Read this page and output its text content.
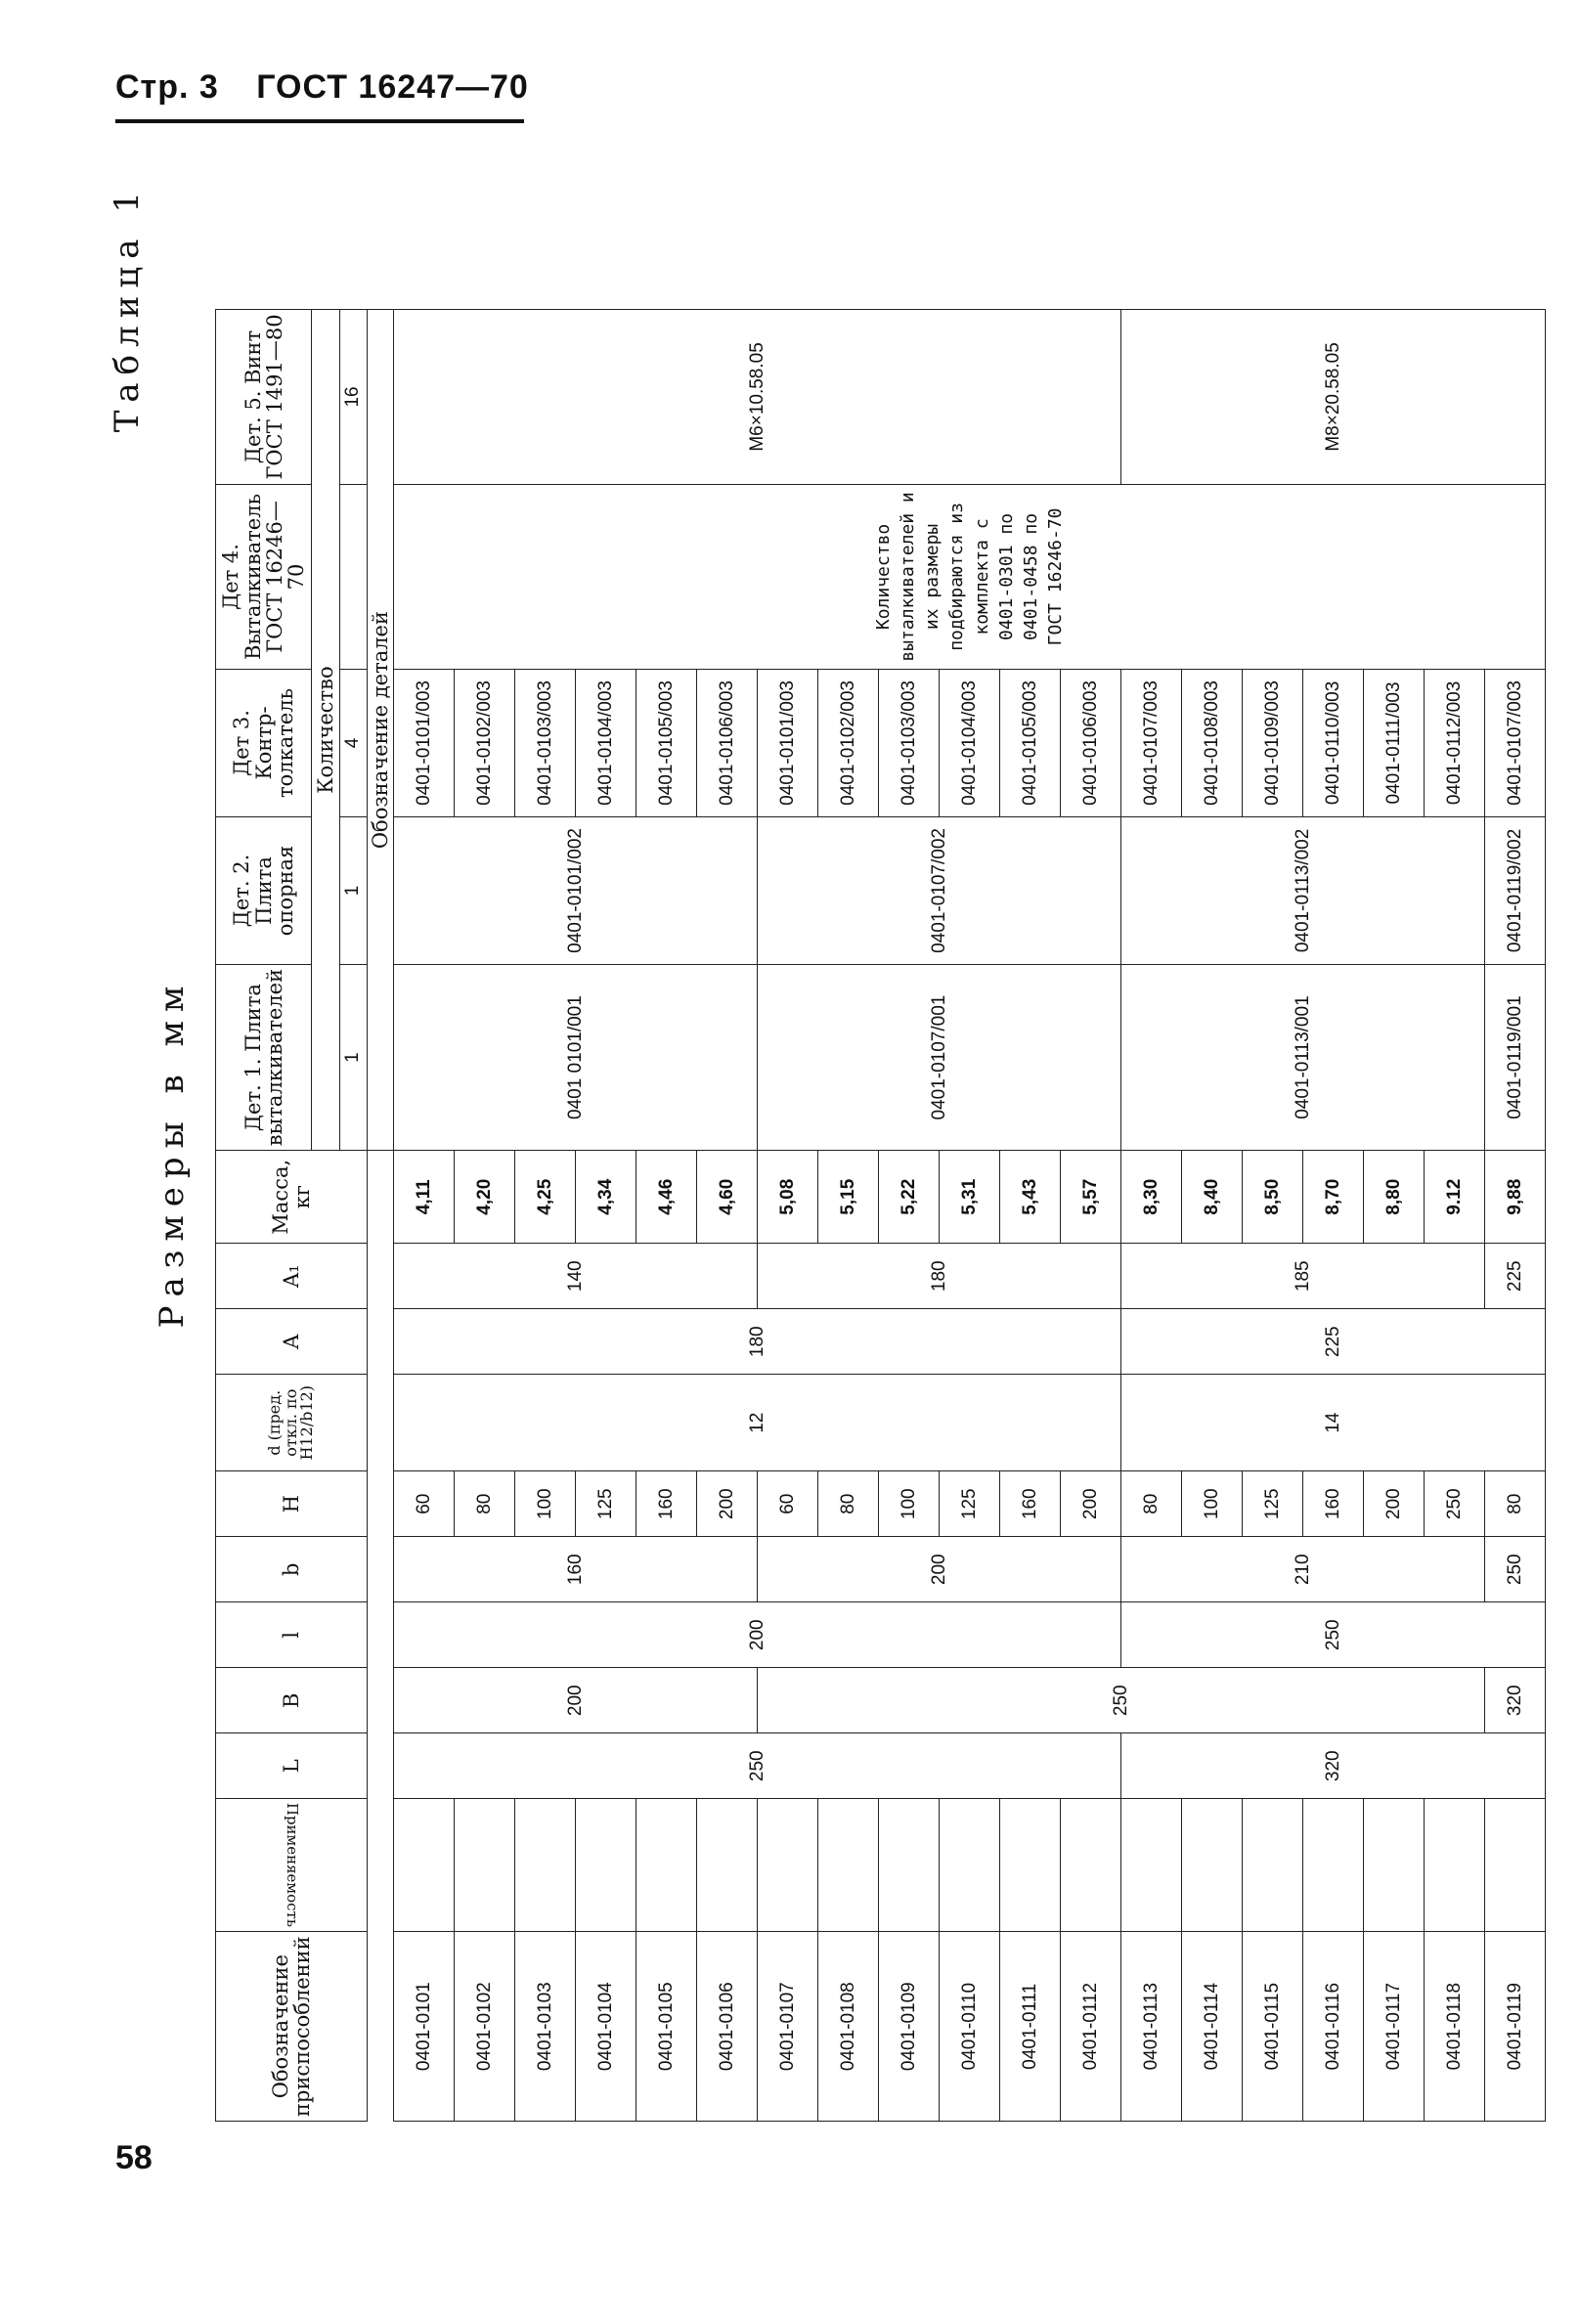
Стр. 3 ГОСТ 16247—70
58
Таблица 1
Размеры в мм
Обозначение приспособлений	Применяемость	L	B	l	b	H	d (пред. откл. по H12/b12)	A	A₁	Масса, кг	Дет. 1. Плита выталкивателей	Дет. 2. Плита опорная	Дет 3. Контр-толкатель	Дет 4. Выталкиватель ГОСТ 16246—70	Дет. 5. Винт ГОСТ 1491—80
											Количество				
											1	1	4		16
											Обозначение деталей				
0401-0101		250	200	200	160	60	12	180	140	4,11	0401 0101/001	0401-0101/002	0401-0101/003	Количество выталкивателей и их размеры подбираются из комплекта с 0401-0301 по 0401-0458 по ГОСТ 16246-70	M6×10.58.05
0401-0102						80				4,20			0401-0102/003		
0401-0103						100				4,25			0401-0103/003		
0401-0104						125				4,34			0401-0104/003		
0401-0105						160				4,46			0401-0105/003		
0401-0106						200				4,60			0401-0106/003		
0401-0107			250		200	60			180	5,08	0401-0107/001	0401-0107/002	0401-0101/003		
0401-0108						80				5,15			0401-0102/003		
0401-0109						100				5,22			0401-0103/003		
0401-0110						125				5,31			0401-0104/003		
0401-0111						160				5,43			0401-0105/003		
0401-0112						200				5,57			0401-0106/003		
0401-0113		320		250	210	80	14	225	185	8,30	0401-0113/001	0401-0113/002	0401-0107/003		M8×20.58.05
0401-0114						100				8,40			0401-0108/003		
0401-0115						125				8,50			0401-0109/003		
0401-0116						160				8,70			0401-0110/003		
0401-0117						200				8,80			0401-0111/003		
0401-0118						250				9.12			0401-0112/003		
0401-0119			320		250	80			225	9,88	0401-0119/001	0401-0119/002	0401-0107/003		
